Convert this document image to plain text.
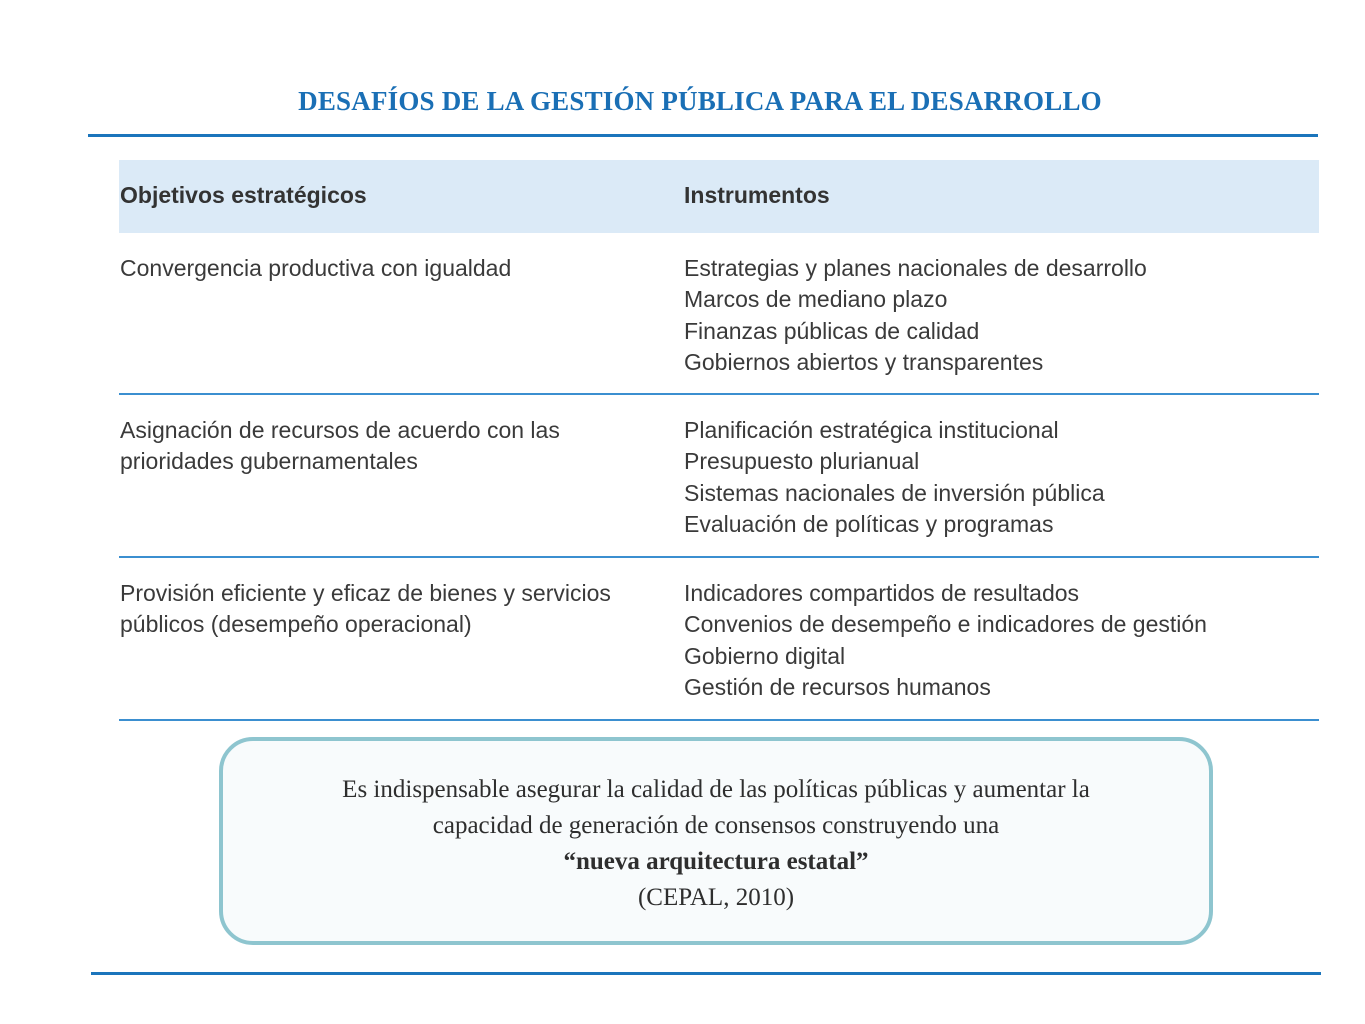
DESAFÍOS DE LA GESTIÓN PÚBLICA PARA EL DESARROLLO
Objetivos estratégicos	Instrumentos
Convergencia productiva con igualdad	Estrategias y planes nacionales de desarrollo
Marcos de mediano plazo
Finanzas públicas de calidad
Gobiernos abiertos y transparentes
Asignación de recursos de acuerdo con las
prioridades gubernamentales
Planificación estratégica institucional
Presupuesto plurianual
Sistemas nacionales de inversión pública
Evaluación de políticas y programas
Provisión eficiente y eficaz de bienes y servicios
públicos (desempeño operacional)
Indicadores compartidos de resultados
Convenios de desempeño e indicadores de gestión
Gobierno digital
Gestión de recursos humanos
Es indispensable asegurar la calidad de las políticas públicas y aumentar la
capacidad de generación de consensos construyendo una
“nueva arquitectura estatal”
(CEPAL, 2010)
